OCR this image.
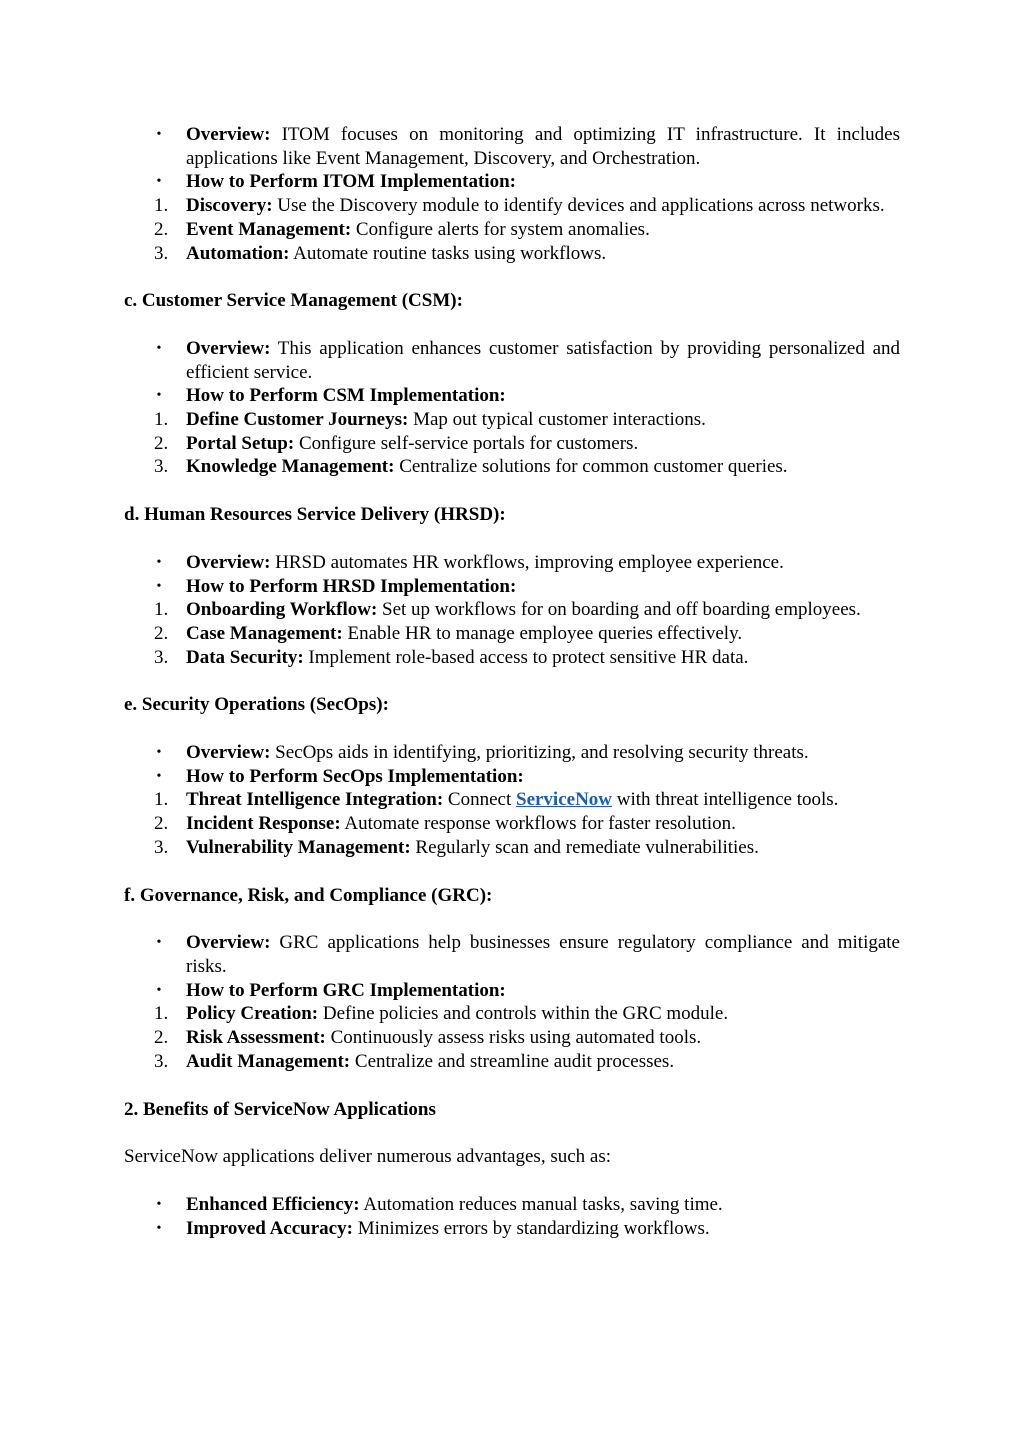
• Overview: ITOM focuses on monitoring and optimizing IT infrastructure. It includes applications like Event Management, Discovery, and Orchestration.
• How to Perform ITOM Implementation:
1. Discovery: Use the Discovery module to identify devices and applications across networks.
2. Event Management: Configure alerts for system anomalies.
3. Automation: Automate routine tasks using workflows.

c. Customer Service Management (CSM):

• Overview: This application enhances customer satisfaction by providing personalized and efficient service.
• How to Perform CSM Implementation:
1. Define Customer Journeys: Map out typical customer interactions.
2. Portal Setup: Configure self-service portals for customers.
3. Knowledge Management: Centralize solutions for common customer queries.

d. Human Resources Service Delivery (HRSD):

• Overview: HRSD automates HR workflows, improving employee experience.
• How to Perform HRSD Implementation:
1. Onboarding Workflow: Set up workflows for on boarding and off boarding employees.
2. Case Management: Enable HR to manage employee queries effectively.
3. Data Security: Implement role-based access to protect sensitive HR data.

e. Security Operations (SecOps):

• Overview: SecOps aids in identifying, prioritizing, and resolving security threats.
• How to Perform SecOps Implementation:
1. Threat Intelligence Integration: Connect ServiceNow with threat intelligence tools.
2. Incident Response: Automate response workflows for faster resolution.
3. Vulnerability Management: Regularly scan and remediate vulnerabilities.

f. Governance, Risk, and Compliance (GRC):

• Overview: GRC applications help businesses ensure regulatory compliance and mitigate risks.
• How to Perform GRC Implementation:
1. Policy Creation: Define policies and controls within the GRC module.
2. Risk Assessment: Continuously assess risks using automated tools.
3. Audit Management: Centralize and streamline audit processes.

2. Benefits of ServiceNow Applications

ServiceNow applications deliver numerous advantages, such as:

• Enhanced Efficiency: Automation reduces manual tasks, saving time.
• Improved Accuracy: Minimizes errors by standardizing workflows.
